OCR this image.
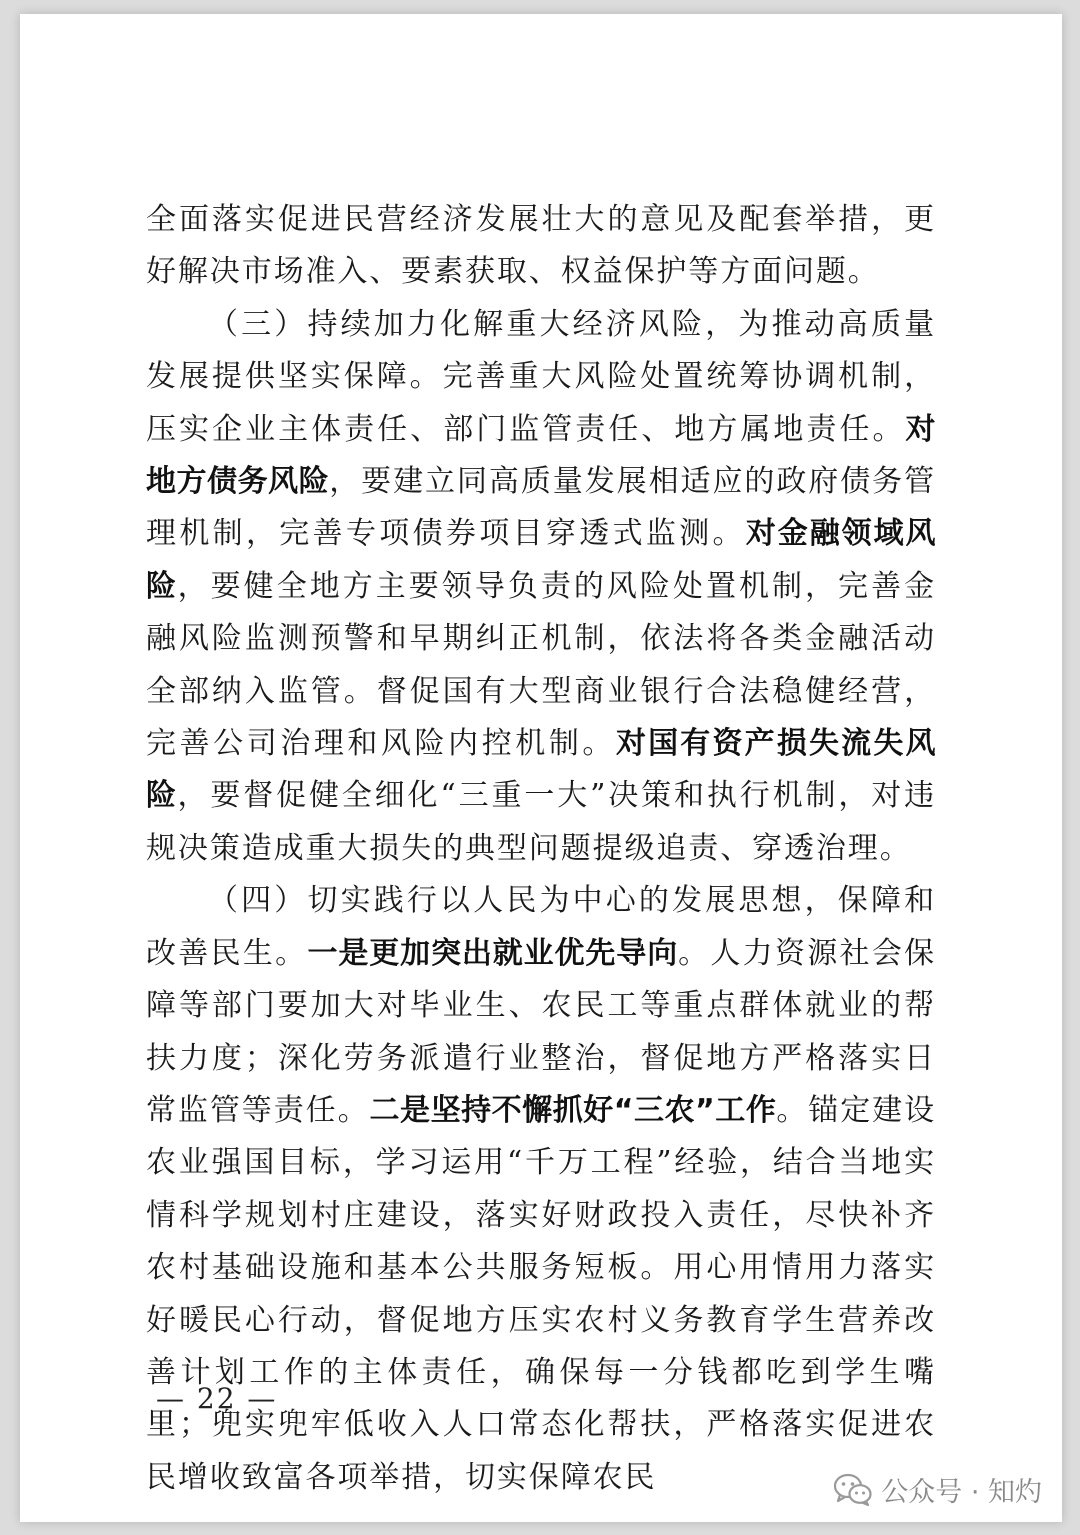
全面落实促进民营经济发展壮大的意见及配套举措，更好解决市场准入、要素获取、权益保护等方面问题。

（三）持续加力化解重大经济风险，为推动高质量发展提供坚实保障。完善重大风险处置统筹协调机制，压实企业主体责任、部门监管责任、地方属地责任。对地方债务风险，要建立同高质量发展相适应的政府债务管理机制，完善专项债券项目穿透式监测。对金融领域风险，要健全地方主要领导负责的风险处置机制，完善金融风险监测预警和早期纠正机制，依法将各类金融活动全部纳入监管。督促国有大型商业银行合法稳健经营，完善公司治理和风险内控机制。对国有资产损失流失风险，要督促健全细化“三重一大”决策和执行机制，对违规决策造成重大损失的典型问题提级追责、穿透治理。

（四）切实践行以人民为中心的发展思想，保障和改善民生。一是更加突出就业优先导向。人力资源社会保障等部门要加大对毕业生、农民工等重点群体就业的帮扶力度；深化劳务派遣行业整治，督促地方严格落实日常监管等责任。二是坚持不懈抓好“三农”工作。锚定建设农业强国目标，学习运用“千万工程”经验，结合当地实情科学规划村庄建设，落实好财政投入责任，尽快补齐农村基础设施和基本公共服务短板。用心用情用力落实好暖民心行动，督促地方压实农村义务教育学生营养改善计划工作的主体责任，确保每一分钱都吃到学生嘴里；兜实兜牢低收入人口常态化帮扶，严格落实促进农民增收致富各项举措，切实保障农民

— 22 —
公众号 · 知灼
